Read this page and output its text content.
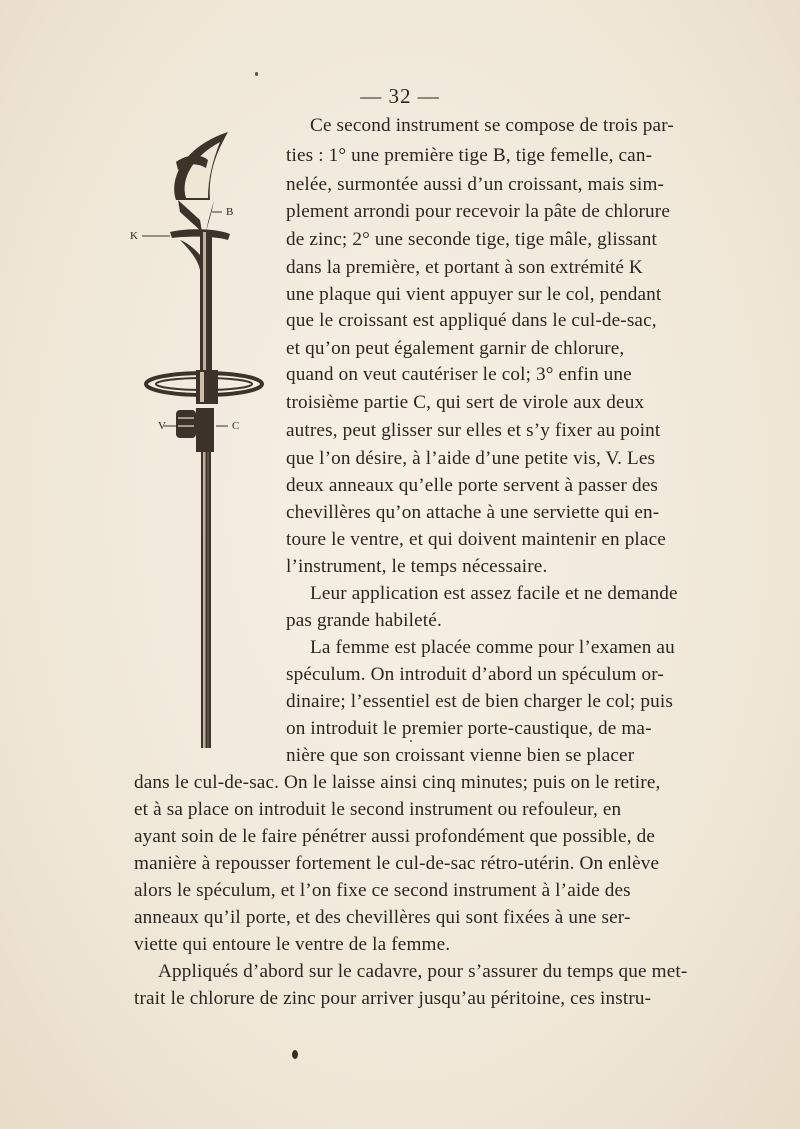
— 32 —
B
K
C
V
Ce second instrument se compose de trois par-
ties : 1° une première tige B, tige femelle, can-
nelée, surmontée aussi d’un croissant, mais sim-
plement arrondi pour recevoir la pâte de chlorure
de zinc; 2° une seconde tige, tige mâle, glissant
dans la première, et portant à son extrémité K
une plaque qui vient appuyer sur le col, pendant
que le croissant est appliqué dans le cul-de-sac,
et qu’on peut également garnir de chlorure,
quand on veut cautériser le col; 3° enfin une
troisième partie C, qui sert de virole aux deux
autres, peut glisser sur elles et s’y fixer au point
que l’on désire, à l’aide d’une petite vis, V. Les
deux anneaux qu’elle porte servent à passer des
chevillères qu’on attache à une serviette qui en-
toure le ventre, et qui doivent maintenir en place
l’instrument, le temps nécessaire.
Leur application est assez facile et ne demande
pas grande habileté.
La femme est placée comme pour l’examen au
spéculum. On introduit d’abord un spéculum or-
dinaire; l’essentiel est de bien charger le col; puis
on introduit le premier porte-caustique, de ma-
nière que son croissant vienne bien se placer
dans le cul-de-sac. On le laisse ainsi cinq minutes; puis on le retire,
et à sa place on introduit le second instrument ou refouleur, en
ayant soin de le faire pénétrer aussi profondément que possible, de
manière à repousser fortement le cul-de-sac rétro-utérin. On enlève
alors le spéculum, et l’on fixe ce second instrument à l’aide des
anneaux qu’il porte, et des chevillères qui sont fixées à une ser-
viette qui entoure le ventre de la femme.
Appliqués d’abord sur le cadavre, pour s’assurer du temps que met-
trait le chlorure de zinc pour arriver jusqu’au péritoine, ces instru-
